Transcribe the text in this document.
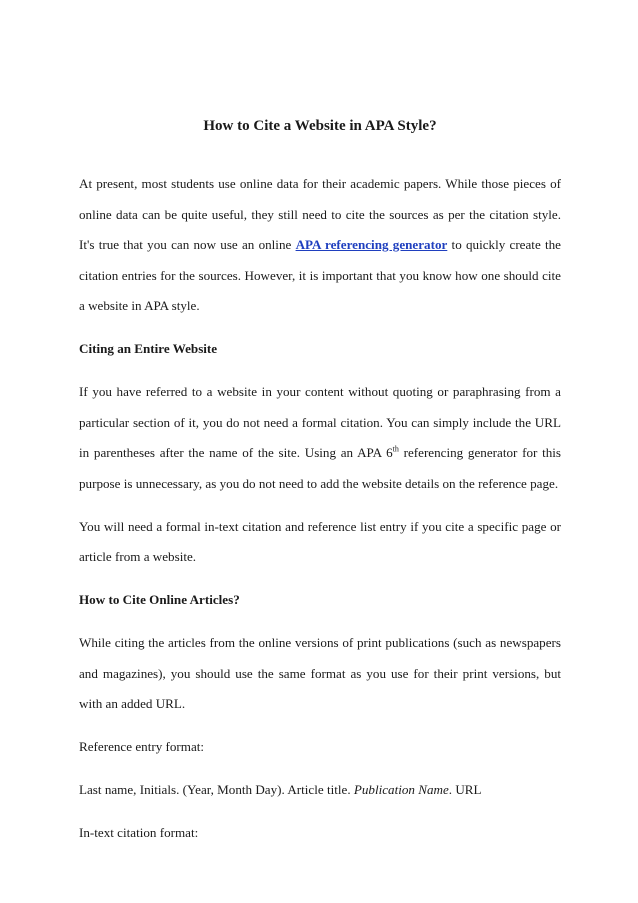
How to Cite a Website in APA Style?

At present, most students use online data for their academic papers. While those pieces of online data can be quite useful, they still need to cite the sources as per the citation style. It's true that you can now use an online APA referencing generator to quickly create the citation entries for the sources. However, it is important that you know how one should cite a website in APA style.

Citing an Entire Website

If you have referred to a website in your content without quoting or paraphrasing from a particular section of it, you do not need a formal citation. You can simply include the URL in parentheses after the name of the site. Using an APA 6th referencing generator for this purpose is unnecessary, as you do not need to add the website details on the reference page.

You will need a formal in-text citation and reference list entry if you cite a specific page or article from a website.

How to Cite Online Articles?

While citing the articles from the online versions of print publications (such as newspapers and magazines), you should use the same format as you use for their print versions, but with an added URL.

Reference entry format:

Last name, Initials. (Year, Month Day). Article title. Publication Name. URL

In-text citation format:
